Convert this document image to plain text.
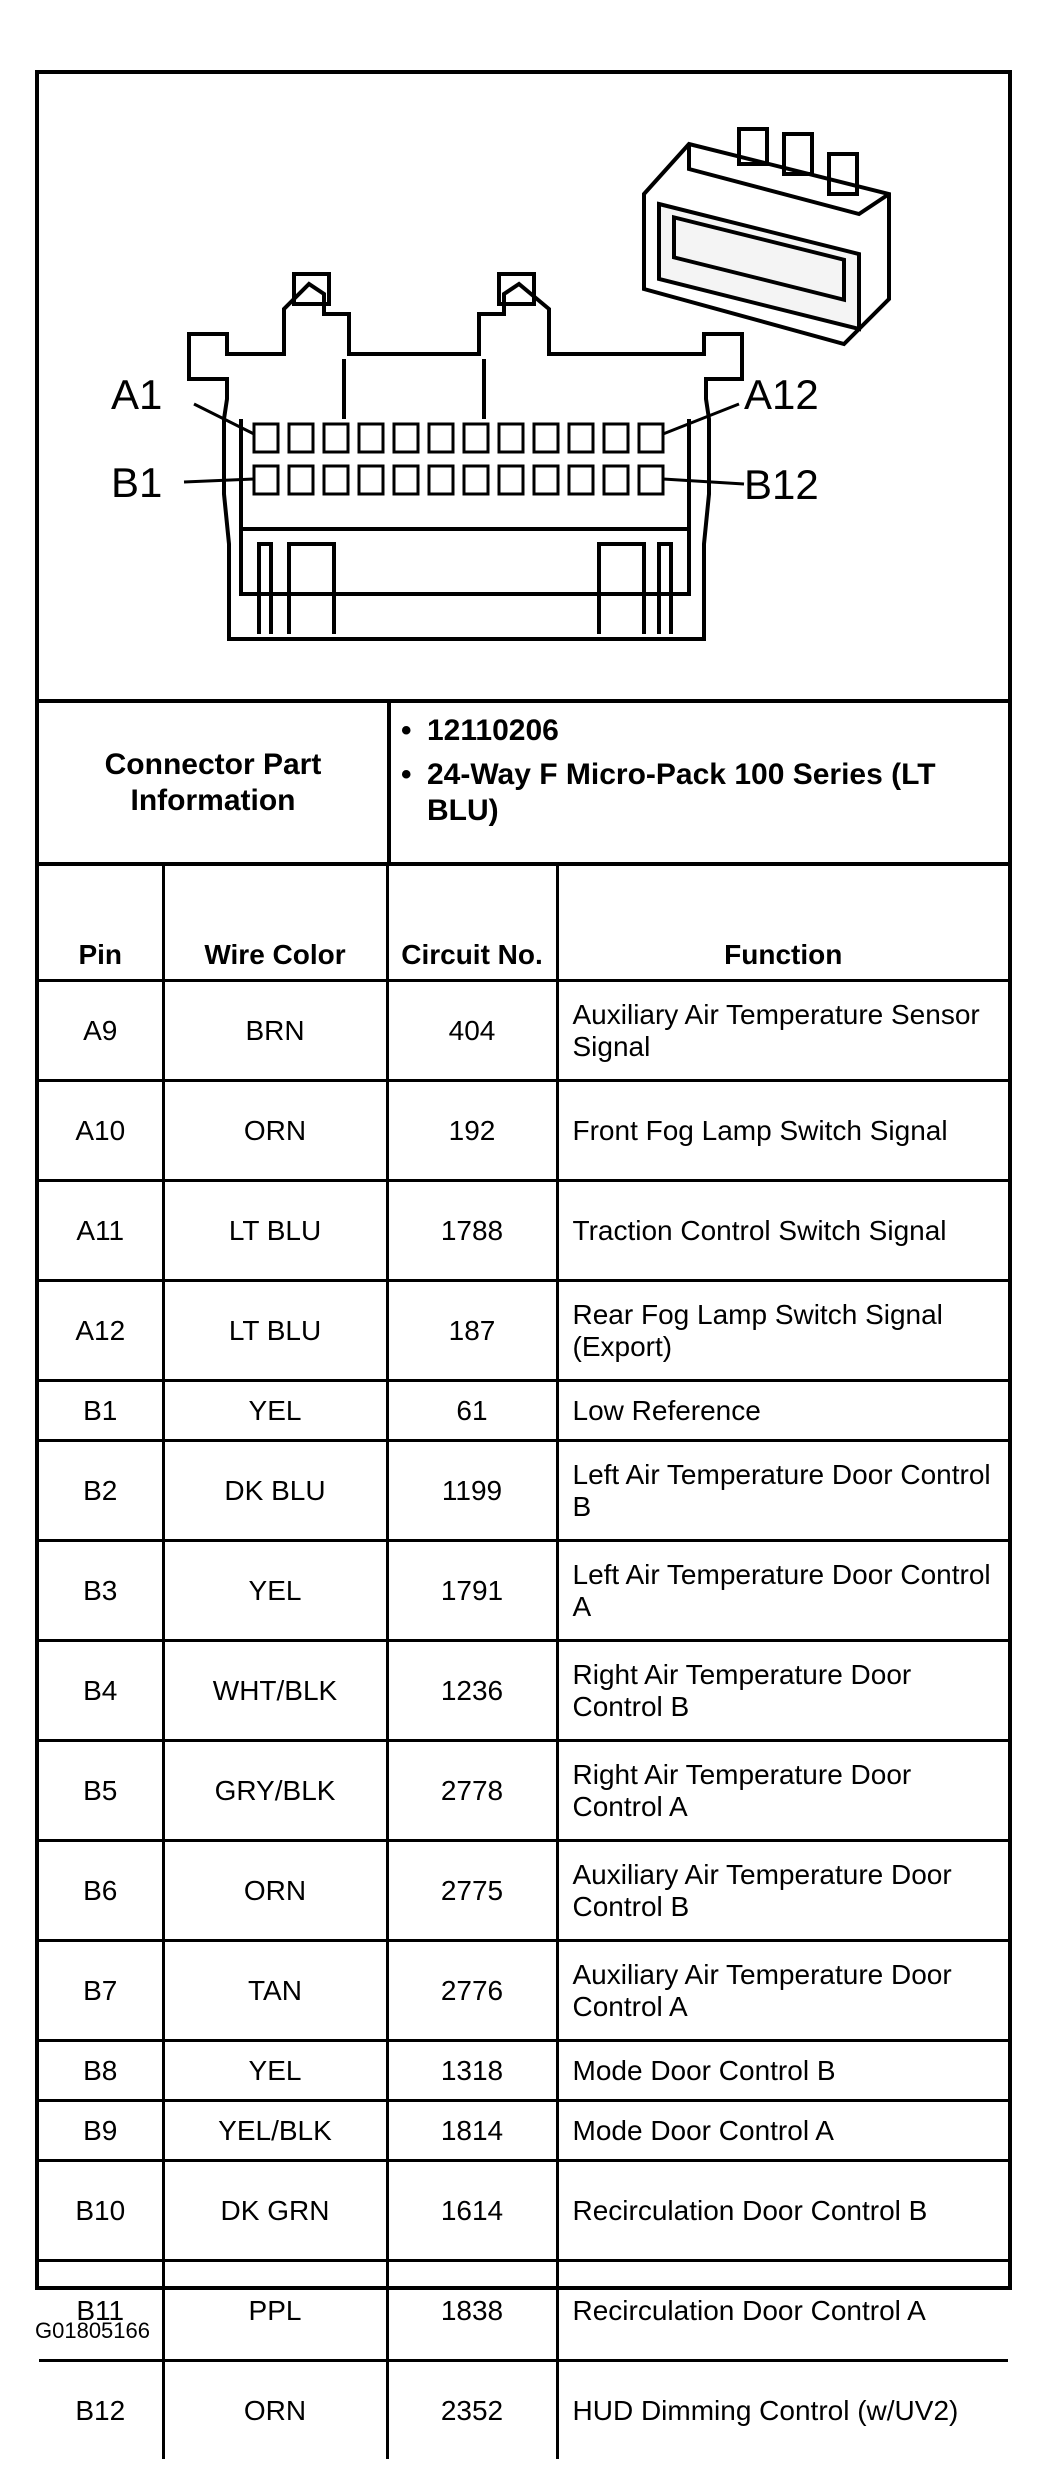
A1	A12
B1	B12
Connector Part Information
• 12110206
• 24-Way F Micro-Pack 100 Series (LT BLU)
Pin	Wire Color	Circuit No.	Function
A9	BRN	404	Auxiliary Air Temperature Sensor Signal
A10	ORN	192	Front Fog Lamp Switch Signal
A11	LT BLU	1788	Traction Control Switch Signal
A12	LT BLU	187	Rear Fog Lamp Switch Signal (Export)
B1	YEL	61	Low Reference
B2	DK BLU	1199	Left Air Temperature Door Control B
B3	YEL	1791	Left Air Temperature Door Control A
B4	WHT/BLK	1236	Right Air Temperature Door Control B
B5	GRY/BLK	2778	Right Air Temperature Door Control A
B6	ORN	2775	Auxiliary Air Temperature Door Control B
B7	TAN	2776	Auxiliary Air Temperature Door Control A
B8	YEL	1318	Mode Door Control B
B9	YEL/BLK	1814	Mode Door Control A
B10	DK GRN	1614	Recirculation Door Control B
B11	PPL	1838	Recirculation Door Control A
B12	ORN	2352	HUD Dimming Control (w/UV2)
G01805166
